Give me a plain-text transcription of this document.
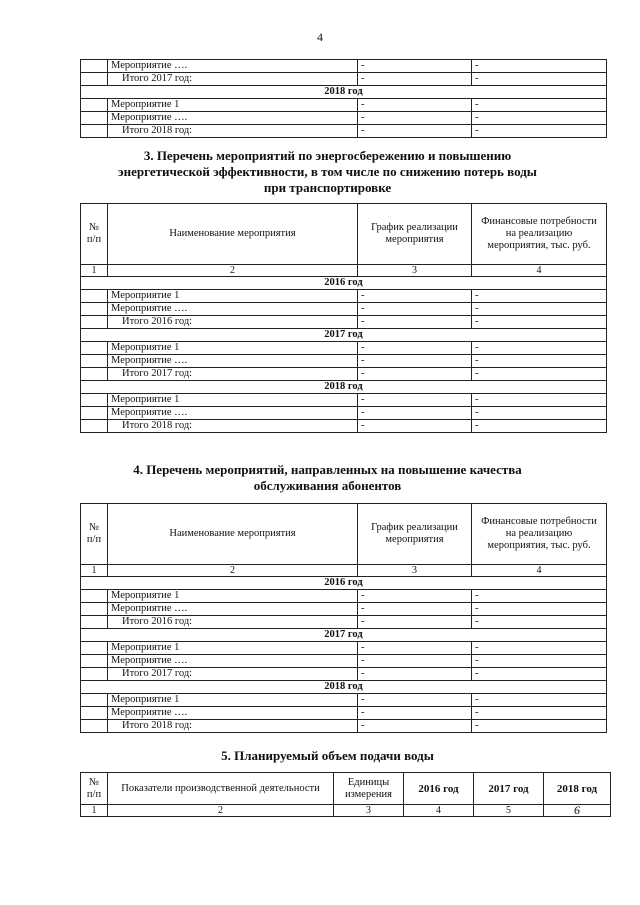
4
	Мероприятие ….	-	-
	Итого 2017 год:	-	-
2018 год			
	Мероприятие 1	-	-
	Мероприятие ….	-	-
	Итого 2018 год:	-	-
3. Перечень мероприятий по энергосбережению и повышению
энергетической эффективности, в том числе по снижению потерь воды
при транспортировке
№ п/п	Наименование мероприятия	График реализации мероприятия	Финансовые потребности на реализацию мероприятия, тыс. руб.
1	2	3	4
2016 год			
	Мероприятие 1	-	-
	Мероприятие ….	-	-
	Итого 2016 год:	-	-
2017 год			
	Мероприятие 1	-	-
	Мероприятие ….	-	-
	Итого 2017 год:	-	-
2018 год			
	Мероприятие 1	-	-
	Мероприятие ….	-	-
	Итого 2018 год:	-	-
4. Перечень мероприятий, направленных на повышение качества
обслуживания абонентов
№ п/п	Наименование мероприятия	График реализации мероприятия	Финансовые потребности на реализацию мероприятия, тыс. руб.
1	2	3	4
2016 год			
	Мероприятие 1	-	-
	Мероприятие ….	-	-
	Итого 2016 год:	-	-
2017 год			
	Мероприятие 1	-	-
	Мероприятие ….	-	-
	Итого 2017 год:	-	-
2018 год			
	Мероприятие 1	-	-
	Мероприятие ….	-	-
	Итого 2018 год:	-	-
5. Планируемый объем подачи воды
№ п/п	Показатели производственной деятельности	Единицы измерения	2016 год	2017 год	2018 год
1	2	3	4	5	6
